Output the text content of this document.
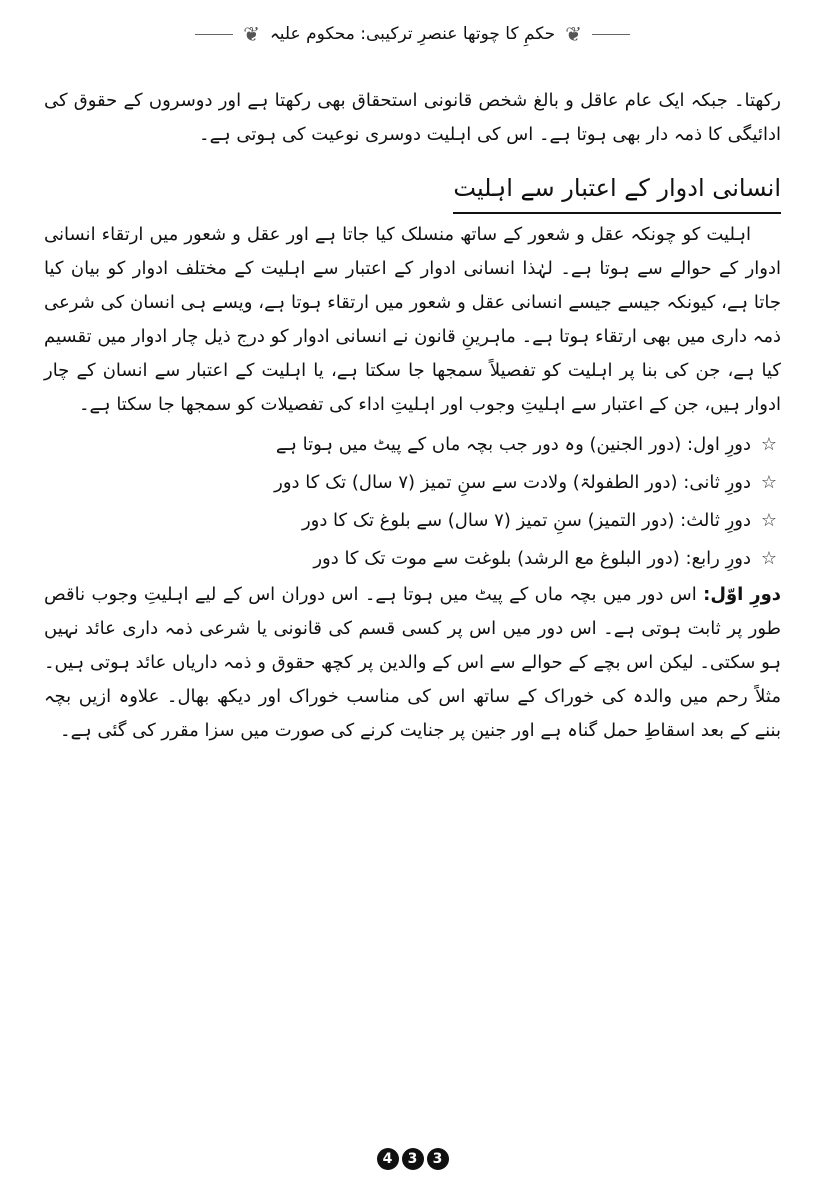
❦
حکمِ کا چوتھا عنصرِ ترکیبی: محکوم علیہ
❦

رکھتا۔ جبکہ ایک عام عاقل و بالغ شخص قانونی استحقاق بھی رکھتا ہے اور دوسروں کے حقوق کی ادائیگی کا ذمہ دار بھی ہوتا ہے۔ اس کی اہلیت دوسری نوعیت کی ہوتی ہے۔

انسانی ادوار کے اعتبار سے اہلیت

اہلیت کو چونکہ عقل و شعور کے ساتھ منسلک کیا جاتا ہے اور عقل و شعور میں ارتقاء انسانی ادوار کے حوالے سے ہوتا ہے۔ لہٰذا انسانی ادوار کے اعتبار سے اہلیت کے مختلف ادوار کو بیان کیا جاتا ہے، کیونکہ جیسے جیسے انسانی عقل و شعور میں ارتقاء ہوتا ہے، ویسے ہی انسان کی شرعی ذمہ داری میں بھی ارتقاء ہوتا ہے۔ ماہرینِ قانون نے انسانی ادوار کو درج ذیل چار ادوار میں تقسیم کیا ہے، جن کی بنا پر اہلیت کو تفصیلاً سمجھا جا سکتا ہے، یا اہلیت کے اعتبار سے انسان کے چار ادوار ہیں، جن کے اعتبار سے اہلیتِ وجوب اور اہلیتِ اداء کی تفصیلات کو سمجھا جا سکتا ہے۔

☆دورِ اول: (دور الجنین) وہ دور جب بچہ ماں کے پیٹ میں ہوتا ہے
☆دورِ ثانی: (دور الطفولۃ) ولادت سے سنِ تمیز (۷ سال) تک کا دور
☆دورِ ثالث: (دور التمیز) سنِ تمیز (۷ سال) سے بلوغ تک کا دور
☆دورِ رابع: (دور البلوغ مع الرشد) بلوغت سے موت تک کا دور

دورِ اوّل: اس دور میں بچہ ماں کے پیٹ میں ہوتا ہے۔ اس دوران اس کے لیے اہلیتِ وجوب ناقص طور پر ثابت ہوتی ہے۔ اس دور میں اس پر کسی قسم کی قانونی یا شرعی ذمہ داری عائد نہیں ہو سکتی۔ لیکن اس بچے کے حوالے سے اس کے والدین پر کچھ حقوق و ذمہ داریاں عائد ہوتی ہیں۔ مثلاً رحم میں والدہ کی خوراک کے ساتھ اس کی مناسب خوراک اور دیکھ بھال۔ علاوہ ازیں بچہ بننے کے بعد اسقاطِ حمل گناہ ہے اور جنین پر جنایت کرنے کی صورت میں سزا مقرر کی گئی ہے۔

4	3	3
